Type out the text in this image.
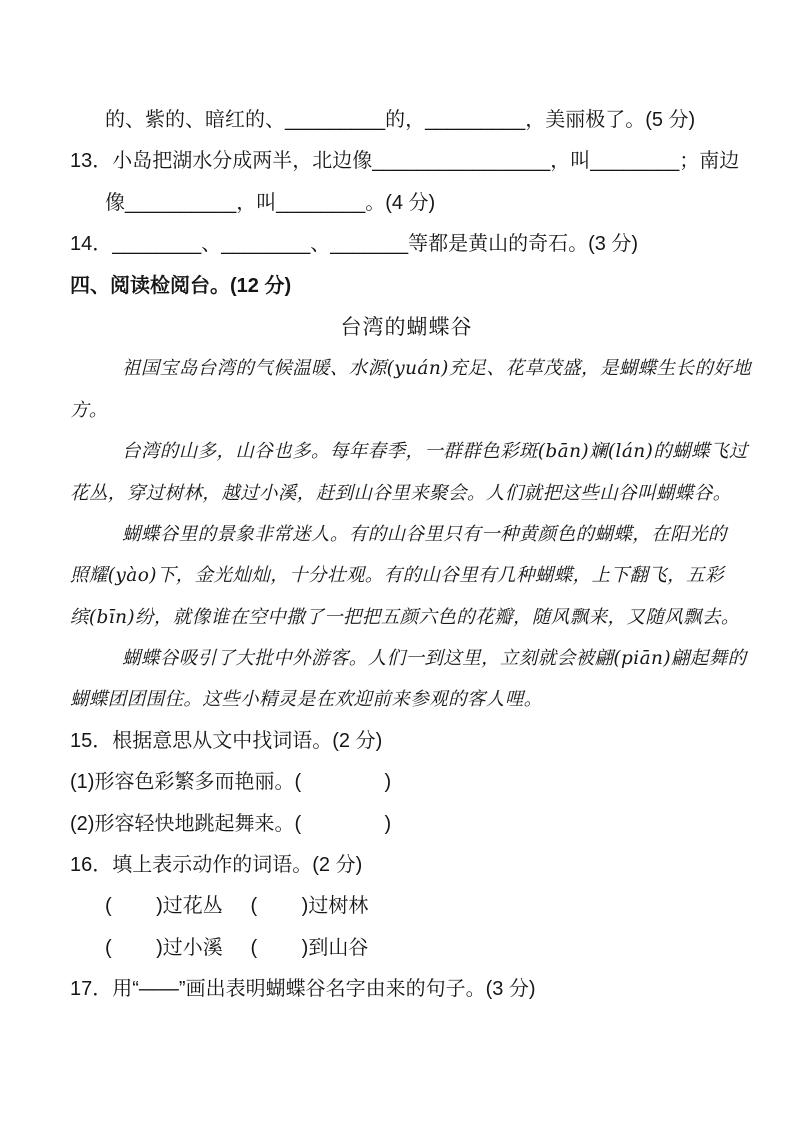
的、紫的、暗红的、_________的，_________，美丽极了。(5 分)
13．小岛把湖水分成两半，北边像________________，叫________；南边
像__________，叫________。(4 分)
14．________、________、_______等都是黄山的奇石。(3 分)
四、阅读检阅台。(12 分)
台湾的蝴蝶谷
祖国宝岛台湾的气候温暖、水源(yuán)充足、花草茂盛，是蝴蝶生长的好地
方。
台湾的山多，山谷也多。每年春季，一群群色彩斑(bān)斓(lán)的蝴蝶飞过
花丛，穿过树林，越过小溪，赶到山谷里来聚会。人们就把这些山谷叫蝴蝶谷。
蝴蝶谷里的景象非常迷人。有的山谷里只有一种黄颜色的蝴蝶，在阳光的
照耀(yào)下，金光灿灿，十分壮观。有的山谷里有几种蝴蝶，上下翻飞，五彩
缤(bīn)纷，就像谁在空中撒了一把把五颜六色的花瓣，随风飘来，又随风飘去。
蝴蝶谷吸引了大批中外游客。人们一到这里，立刻就会被翩(piān)翩起舞的
蝴蝶团团围住。这些小精灵是在欢迎前来参观的客人哩。
15．根据意思从文中找词语。(2 分)
(1)形容色彩繁多而艳丽。(               )
(2)形容轻快地跳起舞来。(               )
16．填上表示动作的词语。(2 分)
(        )过花丛     (        )过树林
(        )过小溪     (        )到山谷
17．用“——”画出表明蝴蝶谷名字由来的句子。(3 分)
